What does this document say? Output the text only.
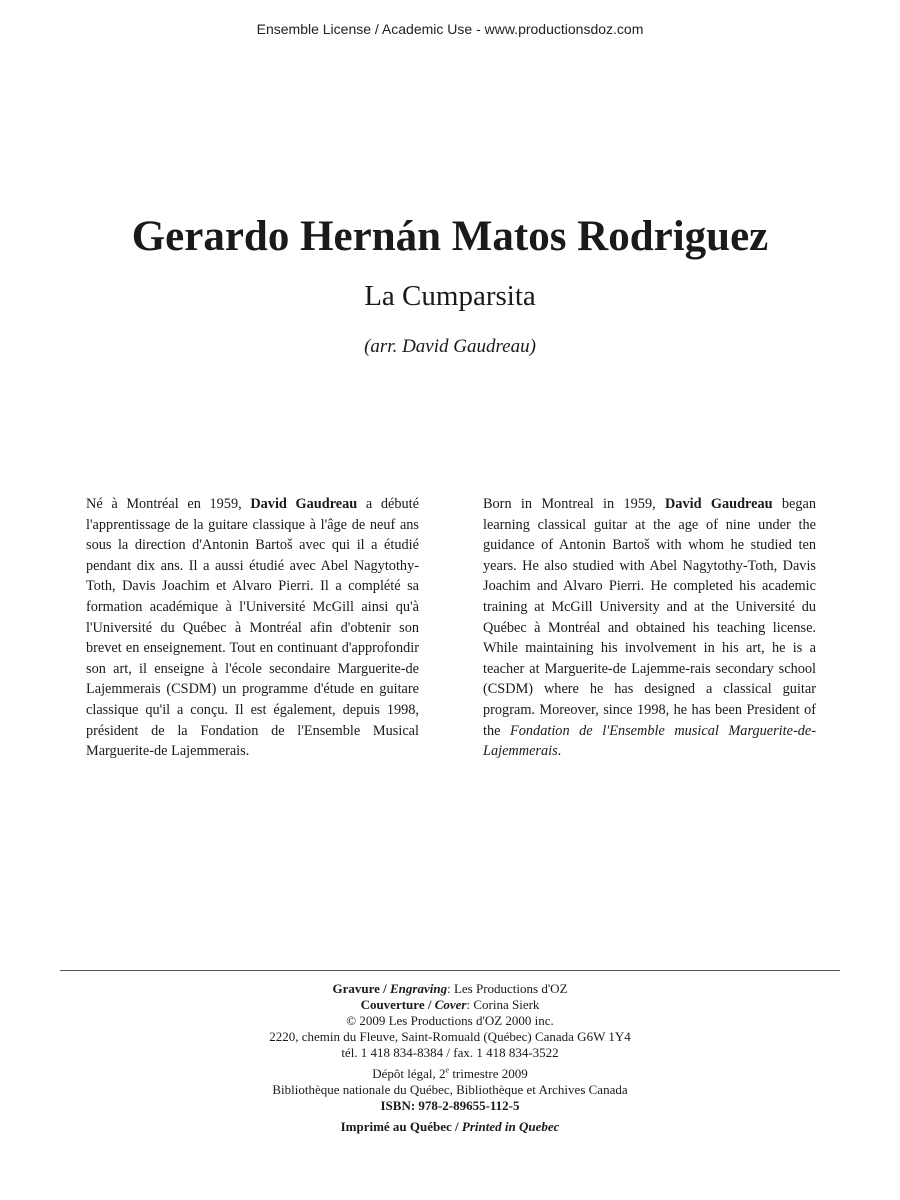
Ensemble License / Academic Use - www.productionsdoz.com
Gerardo Hernán Matos Rodriguez
La Cumparsita
(arr. David Gaudreau)
Né à Montréal en 1959, David Gaudreau a débuté l'apprentissage de la guitare classique à l'âge de neuf ans sous la direction d'Antonin Bartoš avec qui il a étudié pendant dix ans. Il a aussi étudié avec Abel Nagytothy-Toth, Davis Joachim et Alvaro Pierri. Il a complété sa formation académique à l'Université McGill ainsi qu'à l'Université du Québec à Montréal afin d'obtenir son brevet en enseignement. Tout en continuant d'approfondir son art, il enseigne à l'école secondaire Marguerite-de Lajemmerais (CSDM) un programme d'étude en guitare classique qu'il a conçu. Il est également, depuis 1998, président de la Fondation de l'Ensemble Musical Marguerite-de Lajemmerais.
Born in Montreal in 1959, David Gaudreau began learning classical guitar at the age of nine under the guidance of Antonin Bartoš with whom he studied ten years. He also studied with Abel Nagytothy-Toth, Davis Joachim and Alvaro Pierri. He completed his academic training at McGill University and at the Université du Québec à Montréal and obtained his teaching license. While maintaining his involvement in his art, he is a teacher at Marguerite-de Lajemme-rais secondary school (CSDM) where he has designed a classical guitar program. Moreover, since 1998, he has been President of the Fondation de l'Ensemble musical Marguerite-de-Lajemmerais.
Gravure / Engraving: Les Productions d'OZ
Couverture / Cover: Corina Sierk
© 2009 Les Productions d'OZ 2000 inc.
2220, chemin du Fleuve, Saint-Romuald (Québec) Canada G6W 1Y4
tél. 1 418 834-8384 / fax. 1 418 834-3522
Dépôt légal, 2e trimestre 2009
Bibliothèque nationale du Québec, Bibliothèque et Archives Canada
ISBN: 978-2-89655-112-5
Imprimé au Québec / Printed in Quebec
